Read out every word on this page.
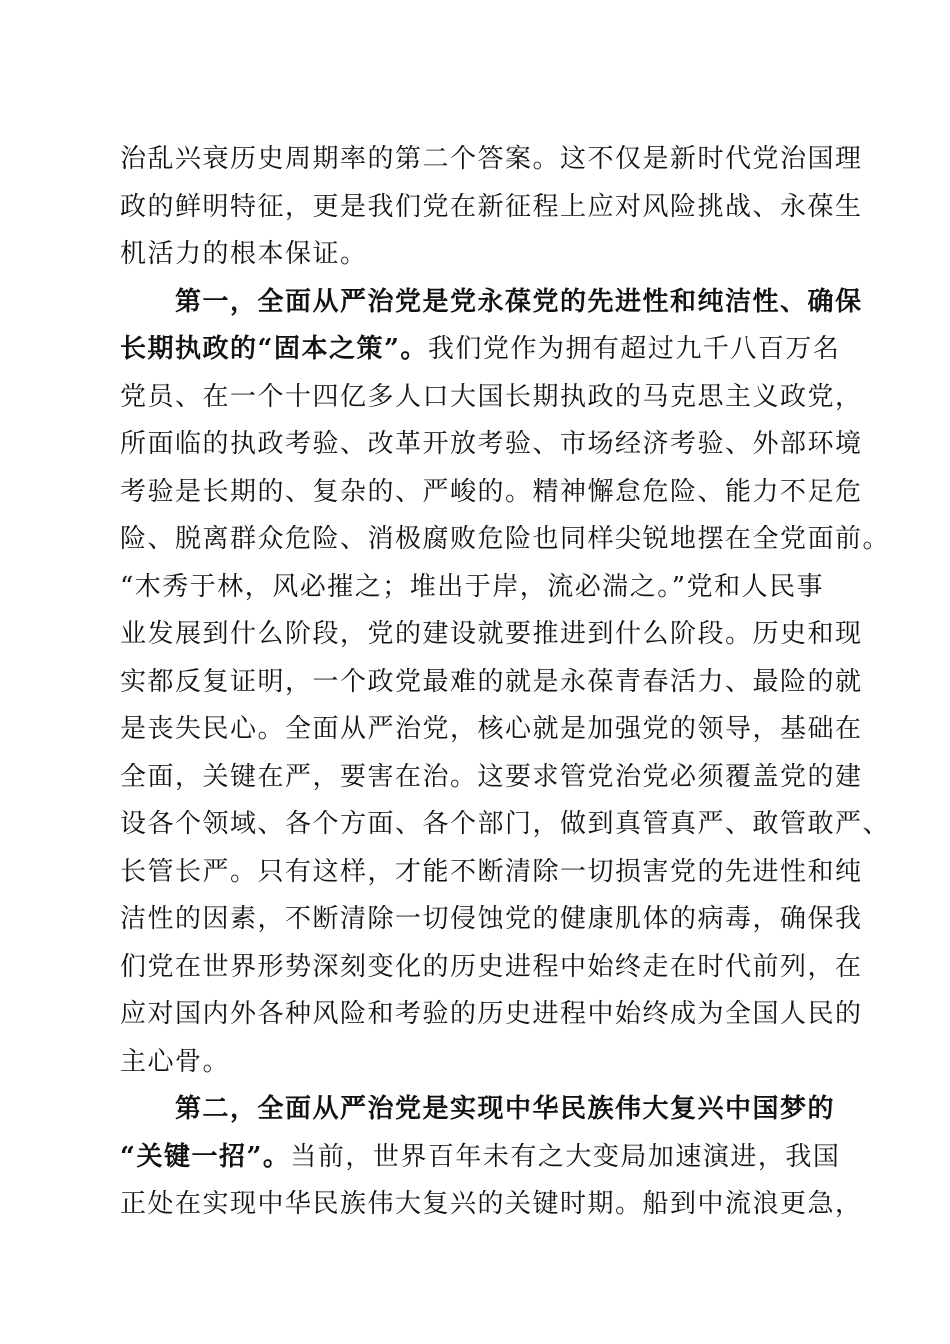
治乱兴衰历史周期率的第二个答案。这不仅是新时代党治国理
政的鲜明特征，更是我们党在新征程上应对风险挑战、永葆生
机活力的根本保证。
　　第一，全面从严治党是党永葆党的先进性和纯洁性、确保
长期执政的“固本之策”。我们党作为拥有超过九千八百万名
党员、在一个十四亿多人口大国长期执政的马克思主义政党，
所面临的执政考验、改革开放考验、市场经济考验、外部环境
考验是长期的、复杂的、严峻的。精神懈怠危险、能力不足危
险、脱离群众危险、消极腐败危险也同样尖锐地摆在全党面前。
“木秀于林，风必摧之；堆出于岸，流必湍之。”党和人民事
业发展到什么阶段，党的建设就要推进到什么阶段。历史和现
实都反复证明，一个政党最难的就是永葆青春活力、最险的就
是丧失民心。全面从严治党，核心就是加强党的领导，基础在
全面，关键在严，要害在治。这要求管党治党必须覆盖党的建
设各个领域、各个方面、各个部门，做到真管真严、敢管敢严、
长管长严。只有这样，才能不断清除一切损害党的先进性和纯
洁性的因素，不断清除一切侵蚀党的健康肌体的病毒，确保我
们党在世界形势深刻变化的历史进程中始终走在时代前列，在
应对国内外各种风险和考验的历史进程中始终成为全国人民的
主心骨。
　　第二，全面从严治党是实现中华民族伟大复兴中国梦的
“关键一招”。当前，世界百年未有之大变局加速演进，我国
正处在实现中华民族伟大复兴的关键时期。船到中流浪更急，
